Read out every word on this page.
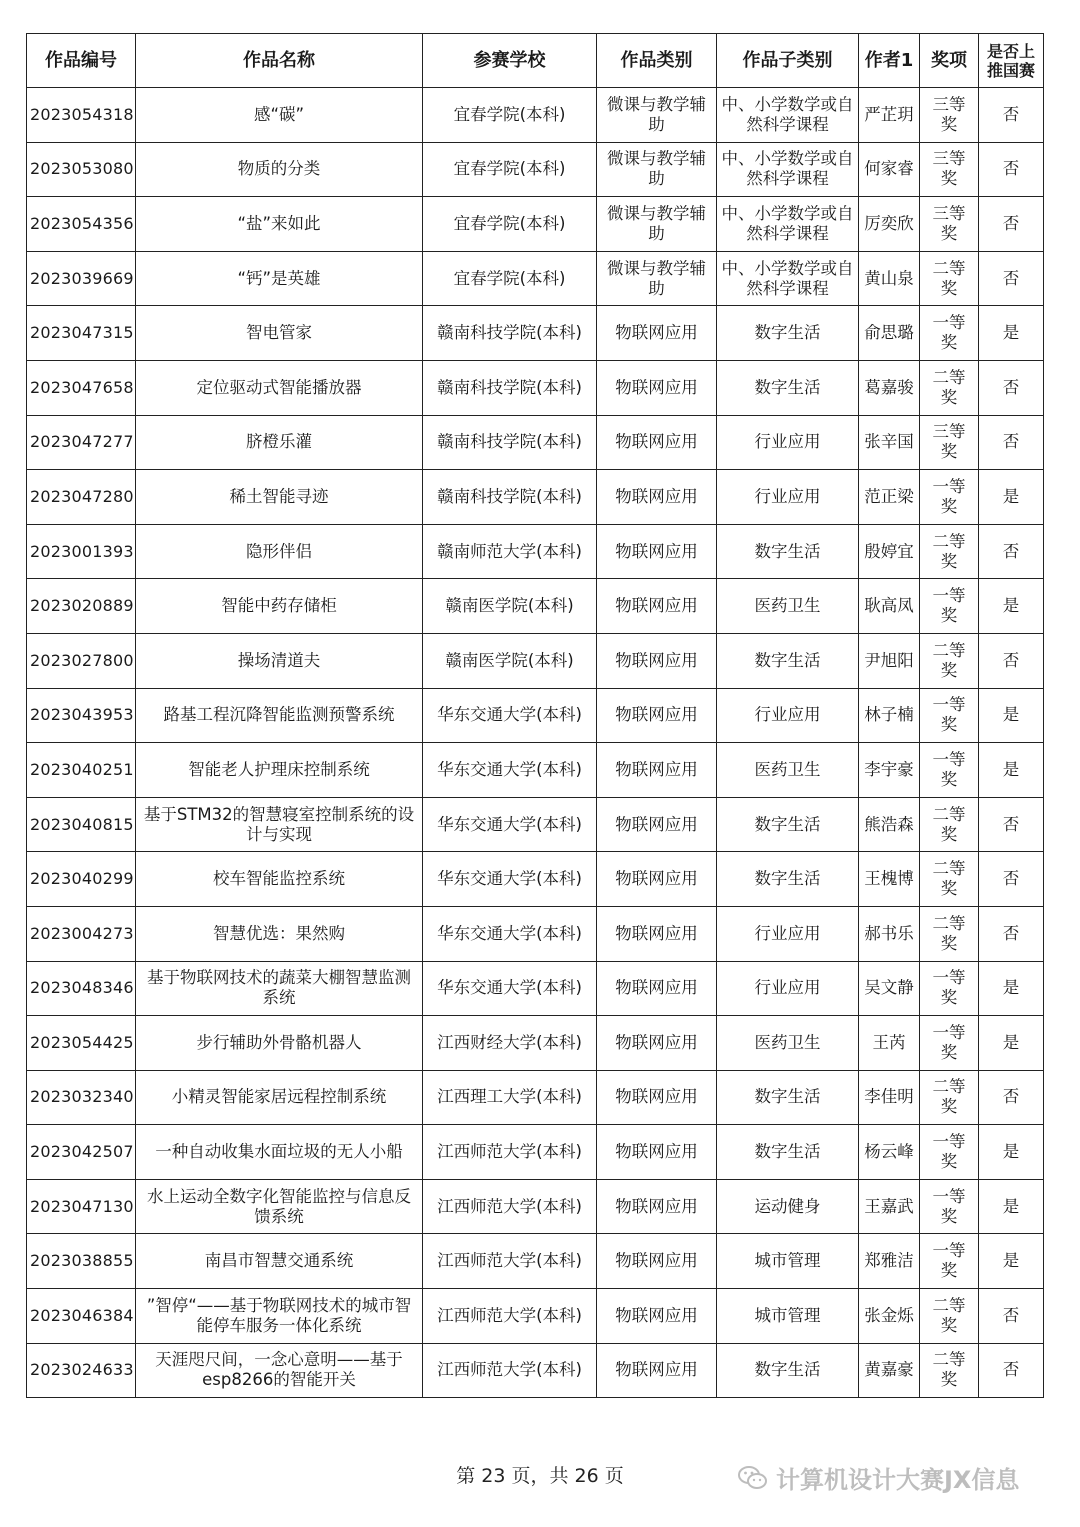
作品编号	作品名称	参赛学校	作品类别	作品子类别	作者1	奖项	是否上推国赛
2023054318	感“碳”	宜春学院(本科)	微课与教学辅助	中、小学数学或自然科学课程	严芷玥	三等奖	否
2023053080	物质的分类	宜春学院(本科)	微课与教学辅助	中、小学数学或自然科学课程	何家睿	三等奖	否
2023054356	“盐”来如此	宜春学院(本科)	微课与教学辅助	中、小学数学或自然科学课程	厉奕欣	三等奖	否
2023039669	“钙”是英雄	宜春学院(本科)	微课与教学辅助	中、小学数学或自然科学课程	黄山泉	二等奖	否
2023047315	智电管家	赣南科技学院(本科)	物联网应用	数字生活	俞思璐	一等奖	是
2023047658	定位驱动式智能播放器	赣南科技学院(本科)	物联网应用	数字生活	葛嘉骏	二等奖	否
2023047277	脐橙乐灌	赣南科技学院(本科)	物联网应用	行业应用	张辛国	三等奖	否
2023047280	稀土智能寻迹	赣南科技学院(本科)	物联网应用	行业应用	范正梁	一等奖	是
2023001393	隐形伴侣	赣南师范大学(本科)	物联网应用	数字生活	殷婷宜	二等奖	否
2023020889	智能中药存储柜	赣南医学院(本科)	物联网应用	医药卫生	耿高凤	一等奖	是
2023027800	操场清道夫	赣南医学院(本科)	物联网应用	数字生活	尹旭阳	二等奖	否
2023043953	路基工程沉降智能监测预警系统	华东交通大学(本科)	物联网应用	行业应用	林子楠	一等奖	是
2023040251	智能老人护理床控制系统	华东交通大学(本科)	物联网应用	医药卫生	李宇豪	一等奖	是
2023040815	基于STM32的智慧寝室控制系统的设计与实现	华东交通大学(本科)	物联网应用	数字生活	熊浩森	二等奖	否
2023040299	校车智能监控系统	华东交通大学(本科)	物联网应用	数字生活	王槐博	二等奖	否
2023004273	智慧优选：果然购	华东交通大学(本科)	物联网应用	行业应用	郝书乐	二等奖	否
2023048346	基于物联网技术的蔬菜大棚智慧监测系统	华东交通大学(本科)	物联网应用	行业应用	吴文静	一等奖	是
2023054425	步行辅助外骨骼机器人	江西财经大学(本科)	物联网应用	医药卫生	王芮	一等奖	是
2023032340	小精灵智能家居远程控制系统	江西理工大学(本科)	物联网应用	数字生活	李佳明	二等奖	否
2023042507	一种自动收集水面垃圾的无人小船	江西师范大学(本科)	物联网应用	数字生活	杨云峰	一等奖	是
2023047130	水上运动全数字化智能监控与信息反馈系统	江西师范大学(本科)	物联网应用	运动健身	王嘉武	一等奖	是
2023038855	南昌市智慧交通系统	江西师范大学(本科)	物联网应用	城市管理	郑雅洁	一等奖	是
2023046384	”智停“——基于物联网技术的城市智能停车服务一体化系统	江西师范大学(本科)	物联网应用	城市管理	张金烁	二等奖	否
2023024633	天涯咫尺间，一念心意明——基于esp8266的智能开关	江西师范大学(本科)	物联网应用	数字生活	黄嘉豪	二等奖	否
第 23 页，共 26 页	计算机设计大赛JX信息
